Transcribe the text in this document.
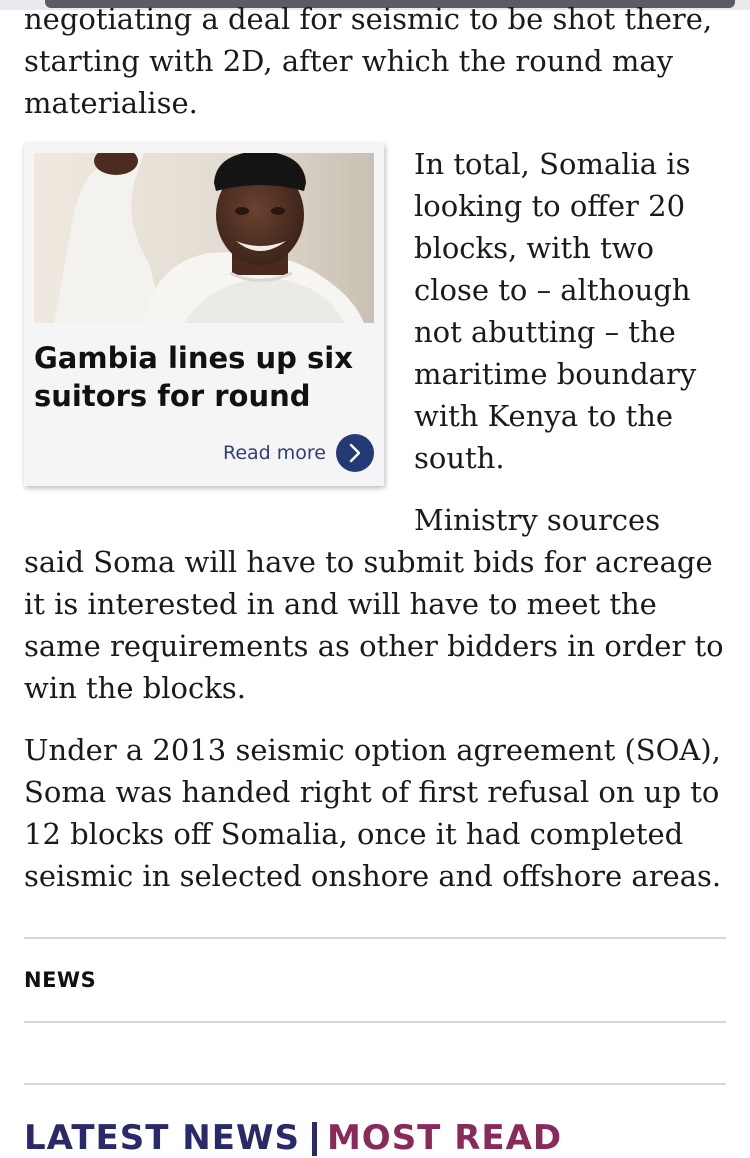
negotiating a deal for seismic to be shot there, starting with 2D, after which the round may materialise.

In total, Somalia is looking to offer 20 blocks, with two close to – although not abutting – the maritime boundary with Kenya to the south.

Ministry sources said Soma will have to submit bids for acreage it is interested in and will have to meet the same requirements as other bidders in order to win the blocks.

Under a 2013 seismic option agreement (SOA), Soma was handed right of first refusal on up to 12 blocks off Somalia, once it had completed seismic in selected onshore and offshore areas.

Gambia lines up six suitors for round

Read more
NEWS
LATEST NEWS MOST READ
